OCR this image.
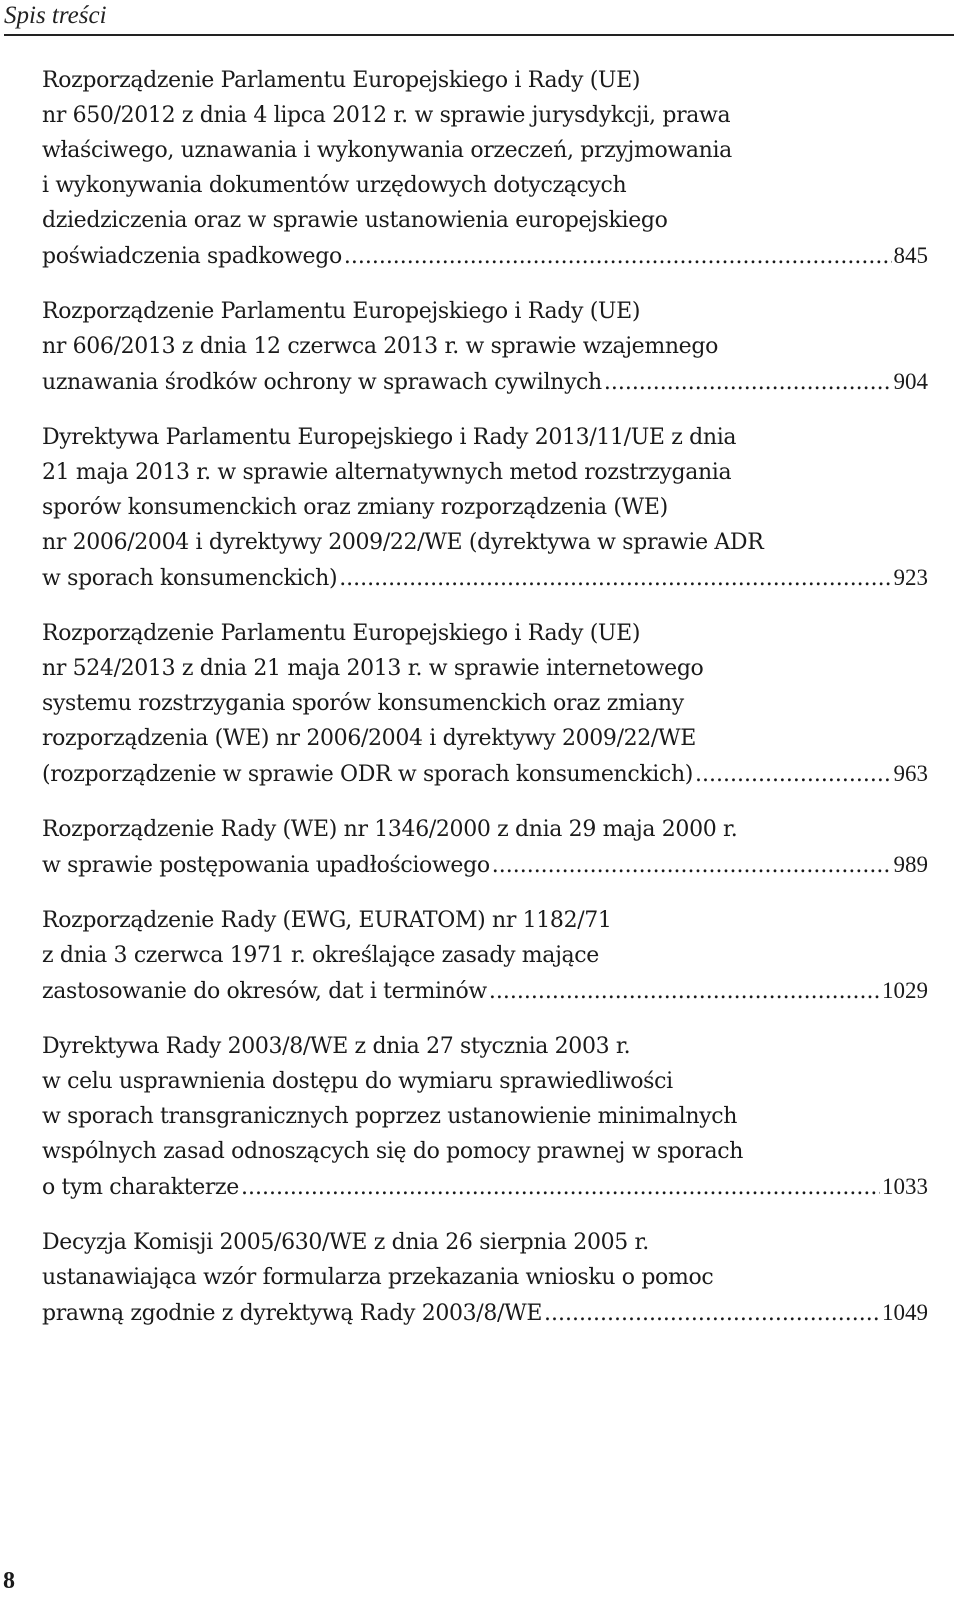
Spis treści
Rozporządzenie Parlamentu Europejskiego i Rady (UE)
nr 650/2012 z dnia 4 lipca 2012 r. w sprawie jurysdykcji, prawa
właściwego, uznawania i wykonywania orzeczeń, przyjmowania
i wykonywania dokumentów urzędowych dotyczących
dziedziczenia oraz w sprawie ustanowienia europejskiego
poświadczenia spadkowego .....	845
Rozporządzenie Parlamentu Europejskiego i Rady (UE)
nr 606/2013 z dnia 12 czerwca 2013 r. w sprawie wzajemnego
uznawania środków ochrony w sprawach cywilnych .....	904
Dyrektywa Parlamentu Europejskiego i Rady 2013/11/UE z dnia
21 maja 2013 r. w sprawie alternatywnych metod rozstrzygania
sporów konsumenckich oraz zmiany rozporządzenia (WE)
nr 2006/2004 i dyrektywy 2009/22/WE (dyrektywa w sprawie ADR
w sporach konsumenckich) .....	923
Rozporządzenie Parlamentu Europejskiego i Rady (UE)
nr 524/2013 z dnia 21 maja 2013 r. w sprawie internetowego
systemu rozstrzygania sporów konsumenckich oraz zmiany
rozporządzenia (WE) nr 2006/2004 i dyrektywy 2009/22/WE
(rozporządzenie w sprawie ODR w sporach konsumenckich) .....	963
Rozporządzenie Rady (WE) nr 1346/2000 z dnia 29 maja 2000 r.
w sprawie postępowania upadłościowego .....	989
Rozporządzenie Rady (EWG, EURATOM) nr 1182/71
z dnia 3 czerwca 1971 r. określające zasady mające
zastosowanie do okresów, dat i terminów .....	1029
Dyrektywa Rady 2003/8/WE z dnia 27 stycznia 2003 r.
w celu usprawnienia dostępu do wymiaru sprawiedliwości
w sporach transgranicznych poprzez ustanowienie minimalnych
wspólnych zasad odnoszących się do pomocy prawnej w sporach
o tym charakterze .....	1033
Decyzja Komisji 2005/630/WE z dnia 26 sierpnia 2005 r.
ustanawiająca wzór formularza przekazania wniosku o pomoc
prawną zgodnie z dyrektywą Rady 2003/8/WE .....	1049
8
